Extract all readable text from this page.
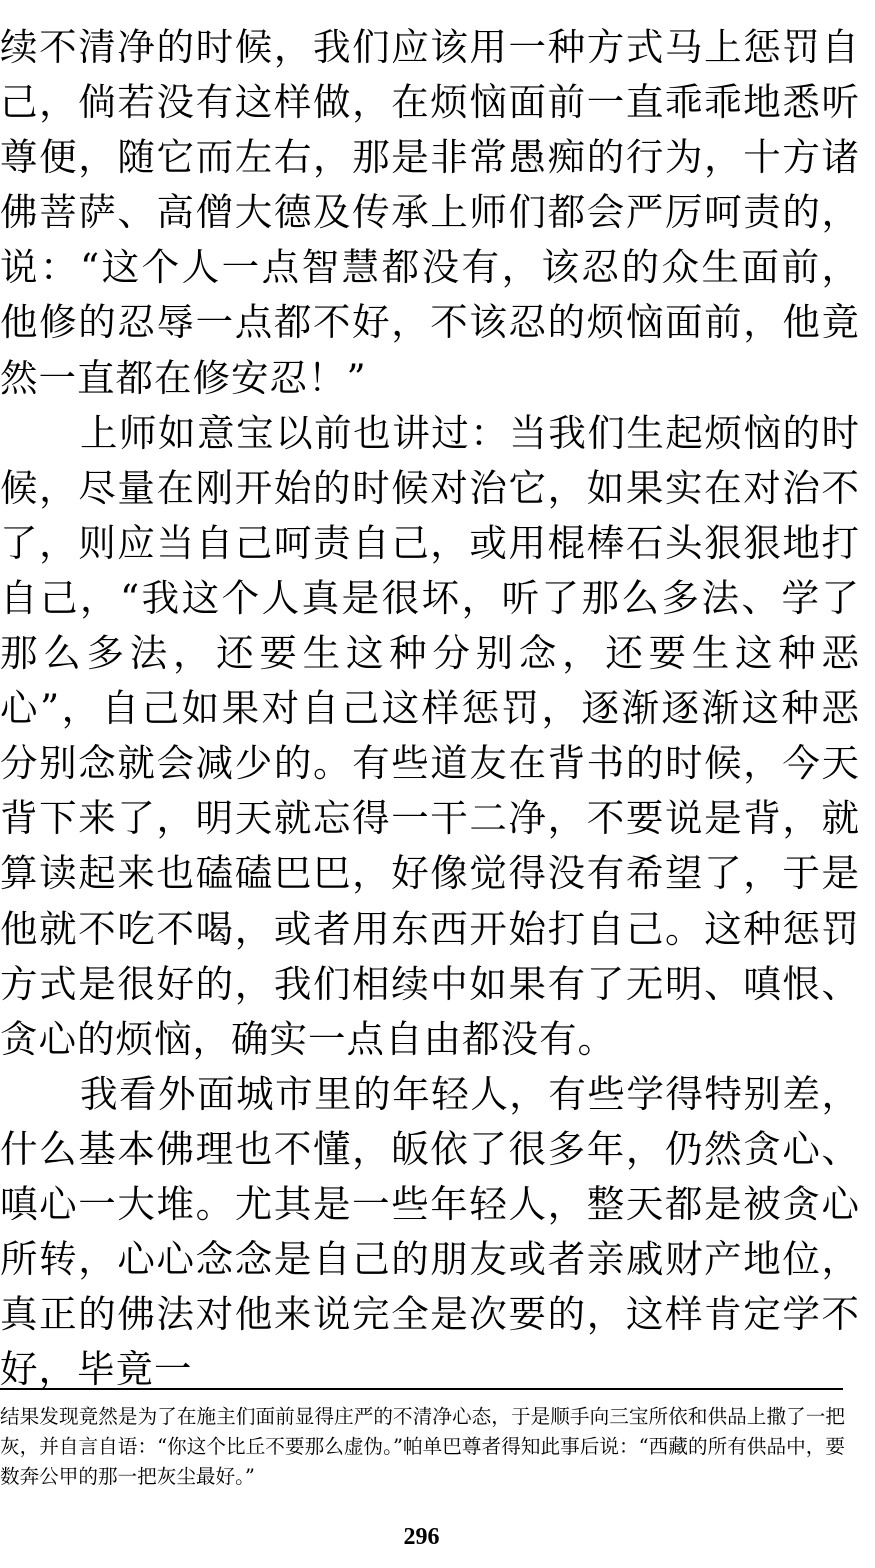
续不清净的时候，我们应该用一种方式马上惩罚自己，倘若没有这样做，在烦恼面前一直乖乖地悉听尊便，随它而左右，那是非常愚痴的行为，十方诸佛菩萨、高僧大德及传承上师们都会严厉呵责的，说：“这个人一点智慧都没有，该忍的众生面前，他修的忍辱一点都不好，不该忍的烦恼面前，他竟然一直都在修安忍！”

上师如意宝以前也讲过：当我们生起烦恼的时候，尽量在刚开始的时候对治它，如果实在对治不了，则应当自己呵责自己，或用棍棒石头狠狠地打自己，“我这个人真是很坏，听了那么多法、学了那么多法，还要生这种分别念，还要生这种恶心”，自己如果对自己这样惩罚，逐渐逐渐这种恶分别念就会减少的。有些道友在背书的时候，今天背下来了，明天就忘得一干二净，不要说是背，就算读起来也磕磕巴巴，好像觉得没有希望了，于是他就不吃不喝，或者用东西开始打自己。这种惩罚方式是很好的，我们相续中如果有了无明、嗔恨、贪心的烦恼，确实一点自由都没有。

我看外面城市里的年轻人，有些学得特别差，什么基本佛理也不懂，皈依了很多年，仍然贪心、嗔心一大堆。尤其是一些年轻人，整天都是被贪心所转，心心念念是自己的朋友或者亲戚财产地位，真正的佛法对他来说完全是次要的，这样肯定学不好，毕竟一

结果发现竟然是为了在施主们面前显得庄严的不清净心态，于是顺手向三宝所依和供品上撒了一把灰，并自言自语：“你这个比丘不要那么虚伪。”帕单巴尊者得知此事后说：“西藏的所有供品中，要数奔公甲的那一把灰尘最好。”
296
